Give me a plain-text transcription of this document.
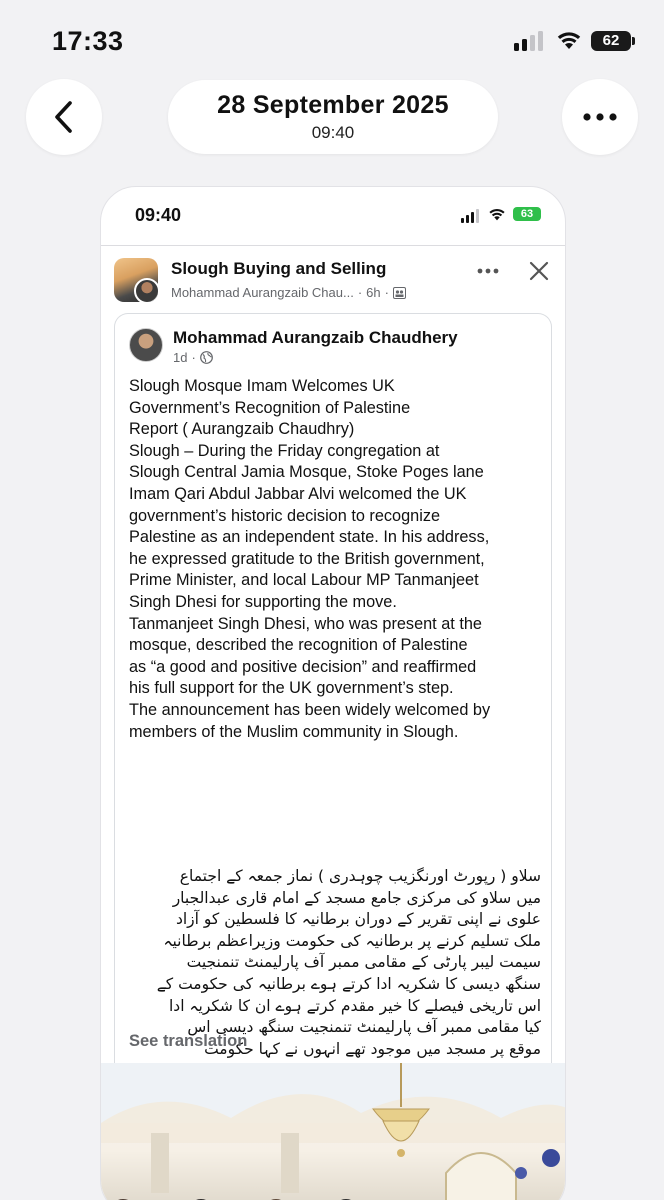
17:33	62
28 September 2025
09:40
09:40	63
Slough Buying and Selling
Mohammad Aurangzaib Chau... · 6h ·
Mohammad Aurangzaib Chaudhery
1d ·

Slough Mosque Imam Welcomes UK

Government’s Recognition of Palestine

Report ( Aurangzaib Chaudhry)

Slough – During the Friday congregation at

Slough Central Jamia Mosque, Stoke Poges lane

Imam Qari Abdul Jabbar Alvi welcomed the UK

government’s historic decision to recognize

Palestine as an independent state. In his address,

he expressed gratitude to the British government,

Prime Minister, and local Labour MP Tanmanjeet

Singh Dhesi for supporting the move.

Tanmanjeet Singh Dhesi, who was present at the

mosque, described the recognition of Palestine

as “a good and positive decision” and reaffirmed

his full support for the UK government’s step.

The announcement has been widely welcomed by

members of the Muslim community in Slough.

سلاو ( رپورٹ اورنگزیب چوہدری ) نماز جمعہ کے اجتماع

میں سلاو کی مرکزی جامع مسجد کے امام قاری عبدالجبار

علوی نے اپنی تقریر کے دوران برطانیہ کا فلسطین کو آزاد

ملک تسلیم کرنے پر برطانیہ کی حکومت وزیراعظم برطانیہ

سیمت لیبر پارٹی کے مقامی ممبر آف پارلیمنٹ تنمنجیت

سنگھ دیسی کا شکریہ ادا کرتے ہوے برطانیہ کی حکومت کے

اس تاریخی فیصلے کا خیر مقدم کرتے ہوے ان کا شکریہ ادا

کیا مقامی ممبر آف پارلیمنٹ تنمنجیت سنگھ دیسی اس

موقع پر مسجد میں موجود تھے انہوں نے کہا حکومت

See translation
